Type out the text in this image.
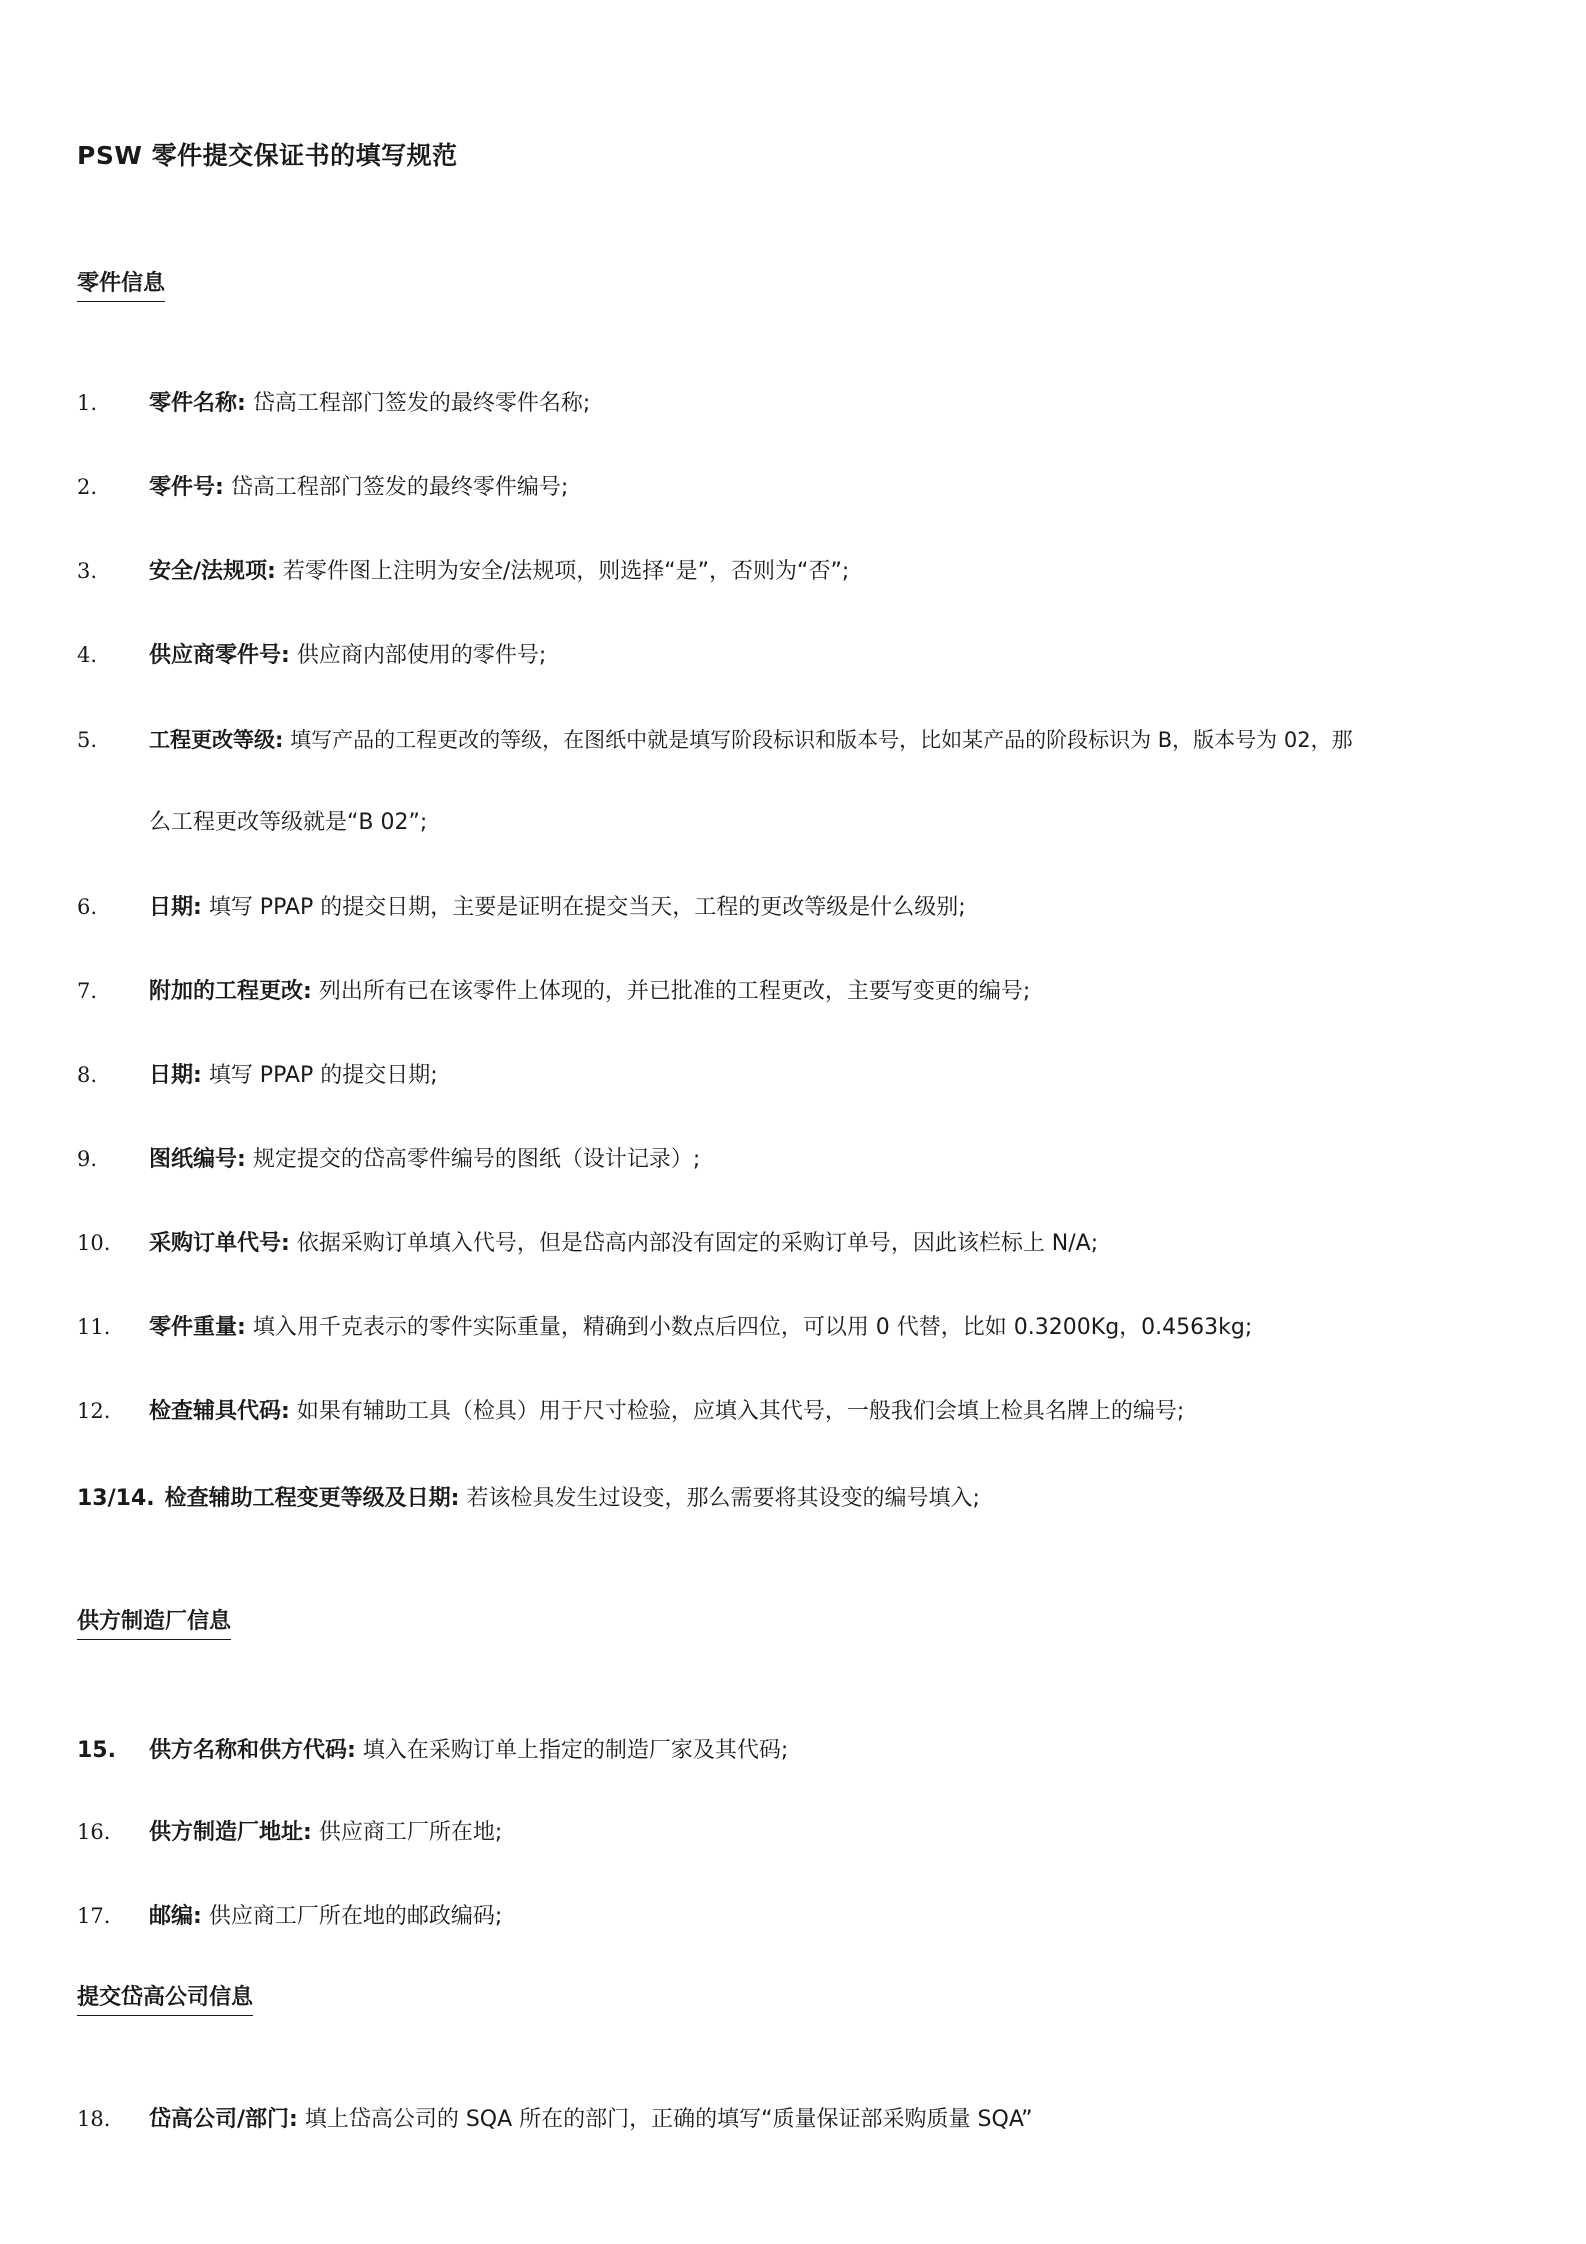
PSW 零件提交保证书的填写规范
零件信息
1. 零件名称: 岱高工程部门签发的最终零件名称;
2. 零件号: 岱高工程部门签发的最终零件编号;
3. 安全/法规项: 若零件图上注明为安全/法规项，则选择“是”，否则为“否”;
4. 供应商零件号: 供应商内部使用的零件号;
5. 工程更改等级: 填写产品的工程更改的等级，在图纸中就是填写阶段标识和版本号，比如某产品的阶段标识为 B，版本号为 02，那
么工程更改等级就是“B 02”;
6. 日期: 填写 PPAP 的提交日期，主要是证明在提交当天，工程的更改等级是什么级别;
7. 附加的工程更改: 列出所有已在该零件上体现的，并已批准的工程更改，主要写变更的编号;
8. 日期: 填写 PPAP 的提交日期;
9. 图纸编号: 规定提交的岱高零件编号的图纸（设计记录）;
10. 采购订单代号: 依据采购订单填入代号，但是岱高内部没有固定的采购订单号，因此该栏标上 N/A;
11. 零件重量: 填入用千克表示的零件实际重量，精确到小数点后四位，可以用 0 代替，比如 0.3200Kg，0.4563kg;
12. 检查辅具代码: 如果有辅助工具（检具）用于尺寸检验，应填入其代号，一般我们会填上检具名牌上的编号;
13/14. 检查辅助工程变更等级及日期: 若该检具发生过设变，那么需要将其设变的编号填入;
供方制造厂信息
15. 供方名称和供方代码: 填入在采购订单上指定的制造厂家及其代码;
16. 供方制造厂地址: 供应商工厂所在地;
17. 邮编: 供应商工厂所在地的邮政编码;
提交岱高公司信息
18. 岱高公司/部门: 填上岱高公司的 SQA 所在的部门，正确的填写“质量保证部采购质量 SQA”
